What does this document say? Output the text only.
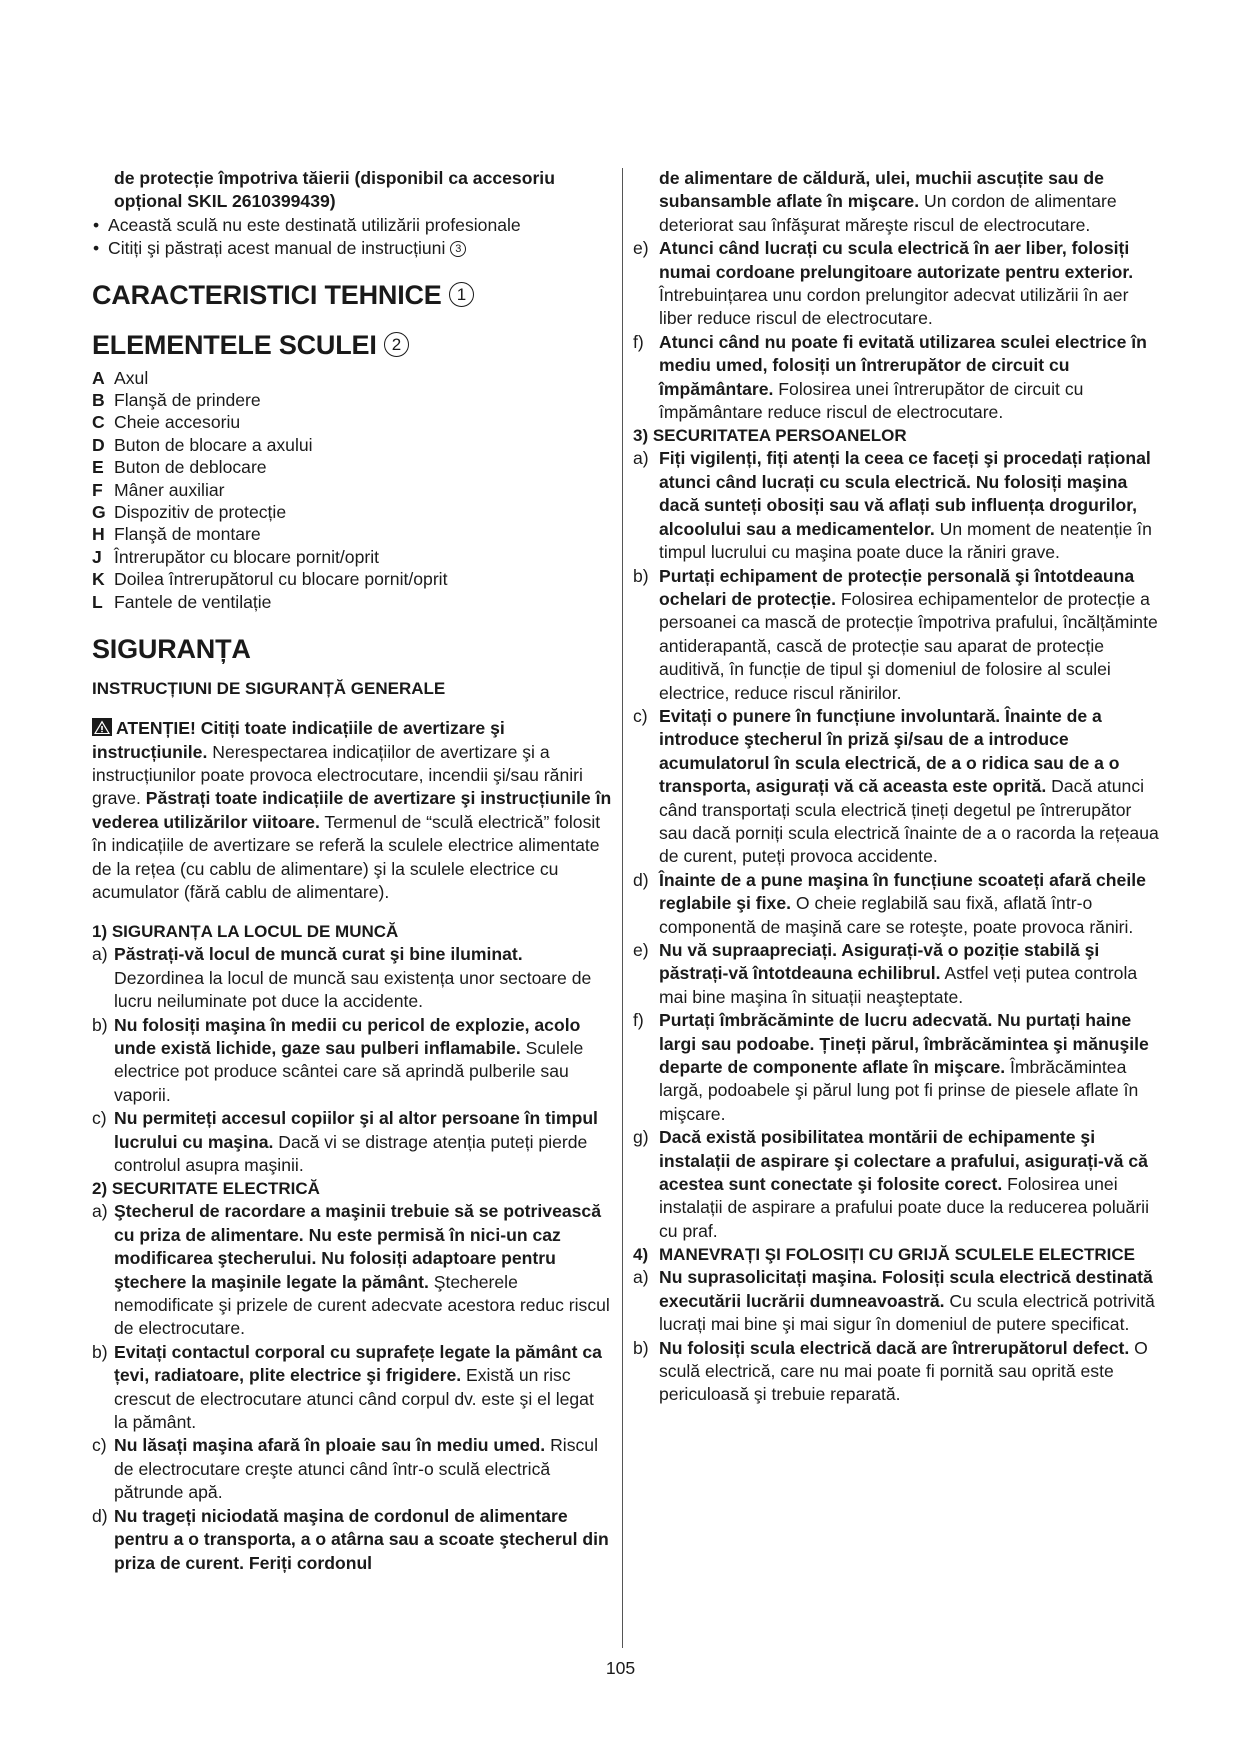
de protecție împotriva tăierii (disponibil ca accesoriu opțional SKIL 2610399439)
• Această sculă nu este destinată utilizării profesionale
• Citiți şi păstrați acest manual de instrucțiuni 3
CARACTERISTICI TEHNICE 1
ELEMENTELE SCULEI 2
A Axul
B Flanşă de prindere
C Cheie accesoriu
D Buton de blocare a axului
E Buton de deblocare
F Mâner auxiliar
G Dispozitiv de protecție
H Flanşă de montare
J Întrerupător cu blocare pornit/oprit
K Doilea întrerupătorul cu blocare pornit/oprit
L Fantele de ventilație
SIGURANȚA
INSTRUCȚIUNI DE SIGURANȚĂ GENERALE
ATENȚIE! Citiți toate indicațiile de avertizare şi instrucțiunile. Nerespectarea indicațiilor de avertizare şi a instrucțiunilor poate provoca electrocutare, incendii şi/sau răniri grave. Păstrați toate indicațiile de avertizare şi instrucțiunile în vederea utilizărilor viitoare. Termenul de “sculă electrică” folosit în indicațiile de avertizare se referă la sculele electrice alimentate de la rețea (cu cablu de alimentare) şi la sculele electrice cu acumulator (fără cablu de alimentare).
1) SIGURANȚA LA LOCUL DE MUNCĂ
a) Păstrați-vă locul de muncă curat şi bine iluminat. Dezordinea la locul de muncă sau existența unor sectoare de lucru neiluminate pot duce la accidente.
b) Nu folosiți maşina în medii cu pericol de explozie, acolo unde există lichide, gaze sau pulberi inflamabile. Sculele electrice pot produce scântei care să aprindă pulberile sau vaporii.
c) Nu permiteți accesul copiilor şi al altor persoane în timpul lucrului cu maşina. Dacă vi se distrage atenția puteți pierde controlul asupra maşinii.
2) SECURITATE ELECTRICĂ
a) Ştecherul de racordare a maşinii trebuie să se potrivească cu priza de alimentare. Nu este permisă în nici-un caz modificarea ştecherului. Nu folosiți adaptoare pentru ştechere la maşinile legate la pământ. Ştecherele nemodificate şi prizele de curent adecvate acestora reduc riscul de electrocutare.
b) Evitați contactul corporal cu suprafețe legate la pământ ca țevi, radiatoare, plite electrice şi frigidere. Există un risc crescut de electrocutare atunci când corpul dv. este şi el legat la pământ.
c) Nu lăsați maşina afară în ploaie sau în mediu umed. Riscul de electrocutare creşte atunci când într-o sculă electrică pătrunde apă.
d) Nu trageți niciodată maşina de cordonul de alimentare pentru a o transporta, a o atârna sau a scoate ştecherul din priza de curent. Feriți cordonul
de alimentare de căldură, ulei, muchii ascuțite sau de subansamble aflate în mişcare. Un cordon de alimentare deteriorat sau înfăşurat măreşte riscul de electrocutare.
e) Atunci când lucrați cu scula electrică în aer liber, folosiți numai cordoane prelungitoare autorizate pentru exterior. Întrebuințarea unu cordon prelungitor adecvat utilizării în aer liber reduce riscul de electrocutare.
f) Atunci când nu poate fi evitată utilizarea sculei electrice în mediu umed, folosiți un întrerupător de circuit cu împământare. Folosirea unei întrerupător de circuit cu împământare reduce riscul de electrocutare.
3) SECURITATEA PERSOANELOR
a) Fiți vigilenți, fiți atenți la ceea ce faceți şi procedați rațional atunci când lucrați cu scula electrică. Nu folosiți maşina dacă sunteți obosiți sau vă aflați sub influența drogurilor, alcoolului sau a medicamentelor. Un moment de neatenție în timpul lucrului cu maşina poate duce la răniri grave.
b) Purtați echipament de protecție personală şi întotdeauna ochelari de protecție. Folosirea echipamentelor de protecție a persoanei ca mască de protecție împotriva prafului, încălțăminte antiderapantă, cască de protecție sau aparat de protecție auditivă, în funcție de tipul şi domeniul de folosire al sculei electrice, reduce riscul rănirilor.
c) Evitați o punere în funcțiune involuntară. Înainte de a introduce ştecherul în priză şi/sau de a introduce acumulatorul în scula electrică, de a o ridica sau de a o transporta, asigurați vă că aceasta este oprită. Dacă atunci când transportați scula electrică țineți degetul pe întrerupător sau dacă porniți scula electrică înainte de a o racorda la rețeaua de curent, puteți provoca accidente.
d) Înainte de a pune maşina în funcțiune scoateți afară cheile reglabile şi fixe. O cheie reglabilă sau fixă, aflată într-o componentă de maşină care se roteşte, poate provoca răniri.
e) Nu vă supraapreciați. Asigurați-vă o poziție stabilă şi păstrați-vă întotdeauna echilibrul. Astfel veți putea controla mai bine maşina în situații neaşteptate.
f) Purtați îmbrăcăminte de lucru adecvată. Nu purtați haine largi sau podoabe. Țineți părul, îmbrăcămintea şi mănuşile departe de componente aflate în mişcare. Îmbrăcămintea largă, podoabele şi părul lung pot fi prinse de piesele aflate în mişcare.
g) Dacă există posibilitatea montării de echipamente şi instalații de aspirare şi colectare a prafului, asigurați-vă că acestea sunt conectate şi folosite corect. Folosirea unei instalații de aspirare a prafului poate duce la reducerea poluării cu praf.
4) MANEVRAȚI ŞI FOLOSIȚI CU GRIJĂ SCULELE ELECTRICE
a) Nu suprasolicitați maşina. Folosiți scula electrică destinată executării lucrării dumneavoastră. Cu scula electrică potrivită lucrați mai bine şi mai sigur în domeniul de putere specificat.
b) Nu folosiți scula electrică dacă are întrerupătorul defect. O sculă electrică, care nu mai poate fi pornită sau oprită este periculoasă şi trebuie reparată.
105
